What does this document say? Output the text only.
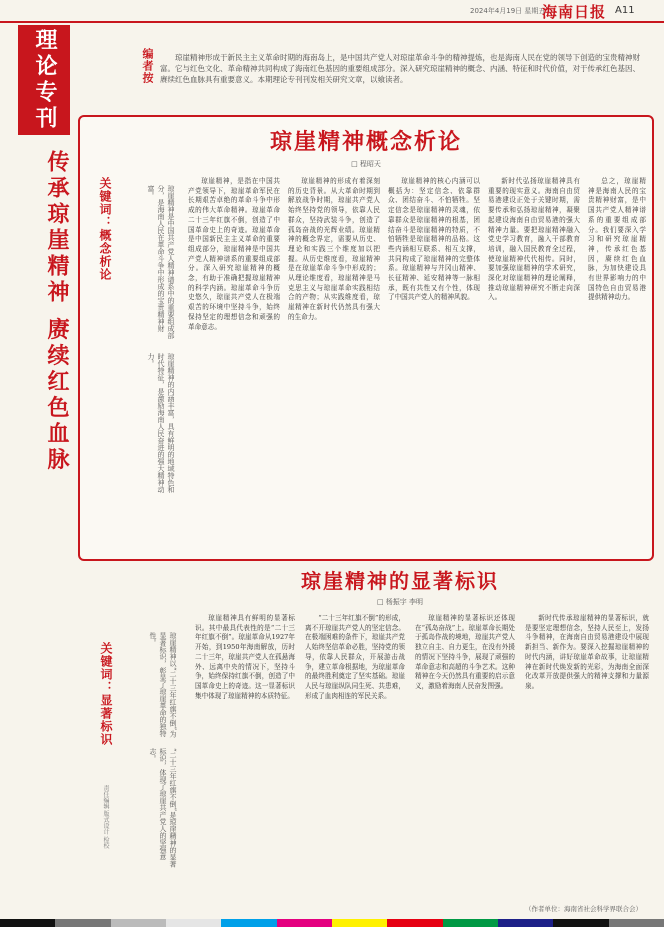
2024年4月19日 星期五
海南日报 A11
理论专刊
传承琼崖精神 赓续红色血脉
编者按	琼崖精神形成于新民主主义革命时期的海南岛上，是中国共产党人对琼崖革命斗争的精神提炼，也是海南人民在党的领导下创造的宝贵精神财富。它与红色文化、革命精神共同构成了海南红色基因的重要组成部分。深入研究琼崖精神的概念、内涵、特征和时代价值，对于传承红色基因、赓续红色血脉具有重要意义。本期理论专刊刊发相关研究文章，以飨读者。
琼崖精神概念析论
□ 程昭天
关键词：概念析论	琼崖精神是中国共产党人精神谱系中的重要组成部分，是海南人民在革命斗争中形成的宝贵精神财富。
琼崖精神的内涵丰富，具有鲜明的地域特色和时代特征，是激励海南人民奋进的强大精神动力。
琼崖精神，是指在中国共产党领导下，琼崖革命军民在长期艰苦卓绝的革命斗争中形成的伟大革命精神。琼崖革命二十三年红旗不倒，创造了中国革命史上的奇迹。琼崖革命是中国新民主主义革命的重要组成部分，琼崖精神是中国共产党人精神谱系的重要组成部分。深入研究琼崖精神的概念，有助于准确把握琼崖精神的科学内涵。琼崖革命斗争历史悠久，琼崖共产党人在极端艰苦的环境中坚持斗争，始终保持坚定的理想信念和顽强的革命意志。
琼崖精神的形成有着深刻的历史背景。从大革命时期到解放战争时期，琼崖共产党人始终坚持党的领导，依靠人民群众，坚持武装斗争，创造了孤岛奋战的光辉业绩。琼崖精神的概念界定，需要从历史、理论和实践三个维度加以把握。从历史维度看，琼崖精神是在琼崖革命斗争中形成的；从理论维度看，琼崖精神是马克思主义与琼崖革命实践相结合的产物；从实践维度看，琼崖精神在新时代仍然具有强大的生命力。
琼崖精神的核心内涵可以概括为：坚定信念、依靠群众、团结奋斗、不怕牺牲。坚定信念是琼崖精神的灵魂，依靠群众是琼崖精神的根基，团结奋斗是琼崖精神的特质，不怕牺牲是琼崖精神的品格。这些内涵相互联系、相互支撑，共同构成了琼崖精神的完整体系。琼崖精神与井冈山精神、长征精神、延安精神等一脉相承，既有共性又有个性，体现了中国共产党人的精神风貌。
新时代弘扬琼崖精神具有重要的现实意义。海南自由贸易港建设正处于关键时期，需要传承和弘扬琼崖精神，凝聚起建设海南自由贸易港的强大精神力量。要把琼崖精神融入党史学习教育，融入干部教育培训，融入国民教育全过程，使琼崖精神代代相传。同时，要加强琼崖精神的学术研究，深化对琼崖精神的理论阐释，推动琼崖精神研究不断走向深入。
总之，琼崖精神是海南人民的宝贵精神财富，是中国共产党人精神谱系的重要组成部分。我们要深入学习和研究琼崖精神，传承红色基因，赓续红色血脉，为加快建设具有世界影响力的中国特色自由贸易港提供精神动力。
琼崖精神的显著标识
□ 杨振宇 李明
关键词：显著标识	琼崖精神以“二十三年红旗不倒”为显著标识，彰显了琼崖革命的独特性。
“二十三年红旗不倒”是琼崖精神的显著标识，体现了琼崖共产党人的坚强意志。
琼崖精神具有鲜明的显著标识。其中最具代表性的是“二十三年红旗不倒”。琼崖革命从1927年开始，到1950年海南解放，历时二十三年，琼崖共产党人在孤悬海外、远离中央的情况下，坚持斗争，始终保持红旗不倒，创造了中国革命史上的奇迹。这一显著标识集中体现了琼崖精神的本质特征。
“二十三年红旗不倒”的形成，离不开琼崖共产党人的坚定信念。在极端困难的条件下，琼崖共产党人始终坚信革命必胜，坚持党的领导，依靠人民群众，开展游击战争，建立革命根据地，为琼崖革命的最终胜利奠定了坚实基础。琼崖人民与琼崖纵队同生死、共患难，形成了血肉相连的军民关系。
琼崖精神的显著标识还体现在“孤岛奋战”上。琼崖革命长期处于孤岛作战的境地，琼崖共产党人独立自主、自力更生，在没有外援的情况下坚持斗争，展现了顽强的革命意志和高超的斗争艺术。这种精神在今天仍然具有重要的启示意义，激励着海南人民奋发图强。
新时代传承琼崖精神的显著标识，就是要坚定理想信念，坚持人民至上，发扬斗争精神，在海南自由贸易港建设中展现新担当、新作为。要深入挖掘琼崖精神的时代内涵，讲好琼崖革命故事，让琼崖精神在新时代焕发新的光彩，为海南全面深化改革开放提供强大的精神支撑和力量源泉。
（作者单位：海南省社会科学界联合会）
责任编辑 版式设计 检校
